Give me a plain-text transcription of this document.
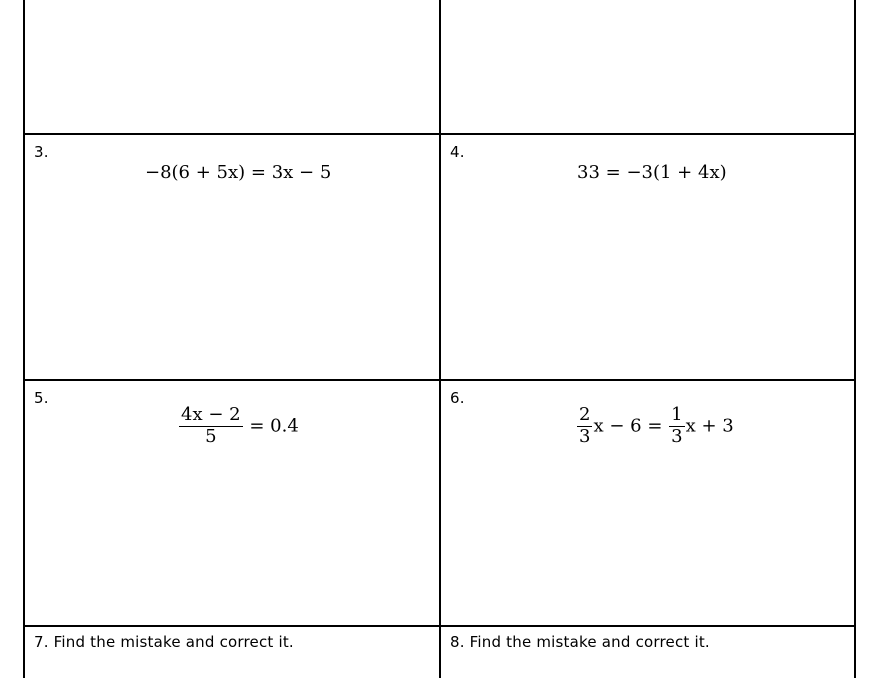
3.
−8(6 + 5x) = 3x − 5
4.
33 = −3(1 + 4x)
5.
$\frac{4x - 2}{5} = 0.4$
6.
$\frac{2}{3}$ $x - 6 = \frac{1}{3}$ x + 3
7. Find the mistake and correct it.	8. Find the mistake and correct it.
